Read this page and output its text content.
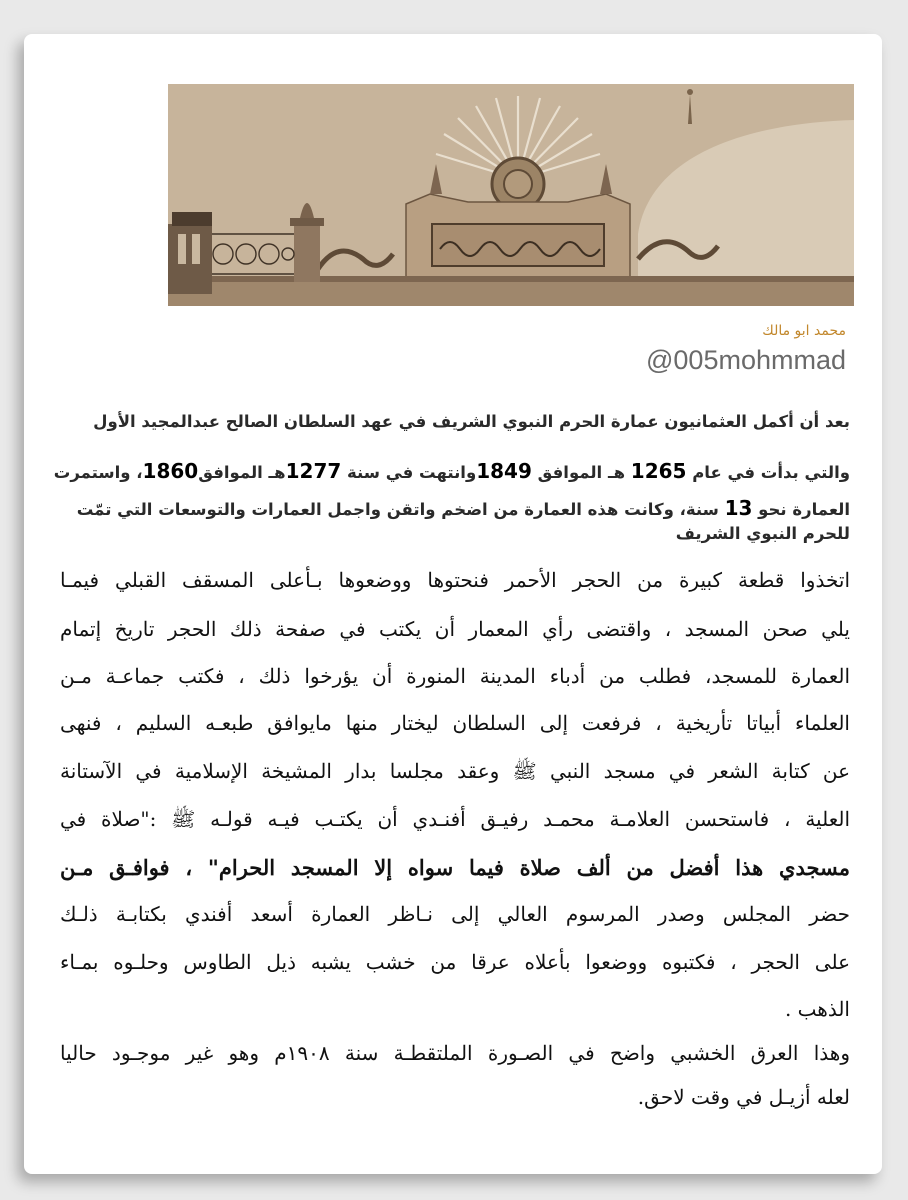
محمد ابو مالك
@005mohmmad
بعد أن أكمل العثمانيون عمارة الحرم النبوي الشريف في عهد السلطان الصالح عبدالمجيد الأول
والتي بدأت في عام 1265 هـ الموافق 1849وانتهت في سنة 1277هـ الموافق1860، واستمرت
العمارة نحو 13 سنة، وكانت هذه العمارة من اضخم واتقن واجمل العمارات والتوسعات التي تمّت
للحرم النبوي الشريف
اتخذوا قطعة كبيرة من الحجر الأحمر فنحتوها ووضعوها بـأعلى المسقف القبلي فيمـا
يلي صحن المسجد ، واقتضى رأي المعمار أن يكتب في صفحة ذلك الحجر تاريخ إتمام
العمارة للمسجد، فطلب من أدباء المدينة المنورة أن يؤرخوا ذلك ، فكتب جماعـة مـن
العلماء أبياتا تأريخية ، فرفعت إلى السلطان ليختار منها مايوافق طبعـه السليم ، فنهى
عن كتابة الشعر في مسجد النبي ﷺ وعقد مجلسا بدار المشيخة الإسلامية في الآستانة
العلية ، فاستحسن العلامـة محمـد رفيـق أفنـدي أن يكتـب فيـه قولـه ﷺ :"صلاة في
مسجدي هذا أفضل من ألف صلاة فيما سواه إلا المسجد الحرام" ، فوافـق مـن
حضر المجلس وصدر المرسوم العالي إلى نـاظر العمارة أسعد أفندي بكتابـة ذلـك
على الحجر ، فكتبوه ووضعوا بأعلاه عرقا من خشب يشبه ذيل الطاوس وحلـوه بمـاء
الذهب .
وهذا العرق الخشبي واضح في الصـورة الملتقطـة سنة ١٩٠٨م وهو غير موجـود حاليا
لعله أزيـل في وقت لاحق.
